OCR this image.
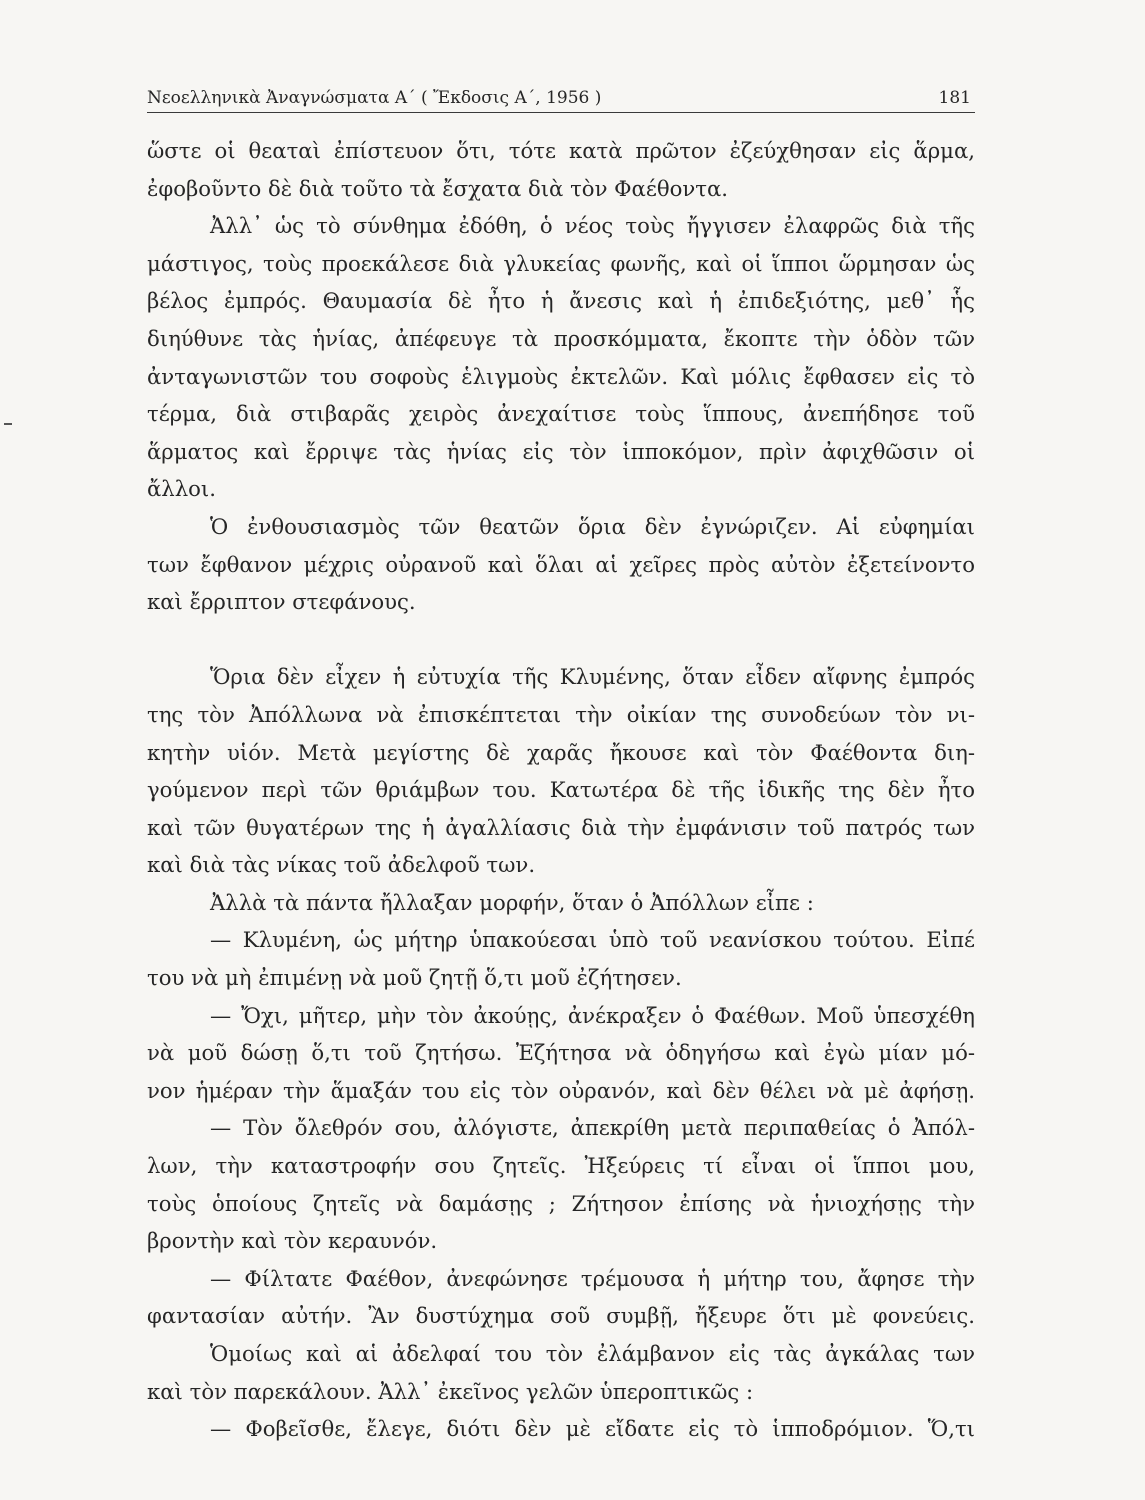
Νεοελληνικὰ Ἀναγνώσματα Α΄ ( Ἔκδοσις Α΄, 1956 )	181
ὥστε οἱ θεαταὶ ἐπίστευον ὅτι, τότε κατὰ πρῶτον ἐζεύχθησαν εἰς ἅρμα,
ἐφοβοῦντο δὲ διὰ τοῦτο τὰ ἔσχατα διὰ τὸν Φαέθοντα.
Ἀλλ᾽ ὡς τὸ σύνθημα ἐδόθη, ὁ νέος τοὺς ἤγγισεν ἐλαφρῶς διὰ τῆς
μάστιγος, τοὺς προεκάλεσε διὰ γλυκείας φωνῆς, καὶ οἱ ἵπποι ὥρμησαν ὡς
βέλος ἐμπρός. Θαυμασία δὲ ἦτο ἡ ἄνεσις καὶ ἡ ἐπιδεξιότης, μεθ᾽ ἧς
διηύθυνε τὰς ἡνίας, ἀπέφευγε τὰ προσκόμματα, ἔκοπτε τὴν ὁδὸν τῶν
ἀνταγωνιστῶν του σοφοὺς ἑλιγμοὺς ἐκτελῶν. Καὶ μόλις ἔφθασεν εἰς τὸ
τέρμα, διὰ στιβαρᾶς χειρὸς ἀνεχαίτισε τοὺς ἵππους, ἀνεπήδησε τοῦ
ἅρματος καὶ ἔρριψε τὰς ἡνίας εἰς τὸν ἱπποκόμον, πρὶν ἀφιχθῶσιν οἱ
ἄλλοι.
Ὁ ἐνθουσιασμὸς τῶν θεατῶν ὅρια δὲν ἐγνώριζεν. Αἱ εὐφημίαι
των ἔφθανον μέχρις οὐρανοῦ καὶ ὅλαι αἱ χεῖρες πρὸς αὐτὸν ἐξετείνοντο
καὶ ἔρριπτον στεφάνους.
Ὅρια δὲν εἶχεν ἡ εὐτυχία τῆς Κλυμένης, ὅταν εἶδεν αἴφνης ἐμπρός
της τὸν Ἀπόλλωνα νὰ ἐπισκέπτεται τὴν οἰκίαν της συνοδεύων τὸν νι-
κητὴν υἱόν. Μετὰ μεγίστης δὲ χαρᾶς ἤκουσε καὶ τὸν Φαέθοντα διη-
γούμενον περὶ τῶν θριάμβων του. Κατωτέρα δὲ τῆς ἰδικῆς της δὲν ἦτο
καὶ τῶν θυγατέρων της ἡ ἀγαλλίασις διὰ τὴν ἐμφάνισιν τοῦ πατρός των
καὶ διὰ τὰς νίκας τοῦ ἀδελφοῦ των.
Ἀλλὰ τὰ πάντα ἤλλαξαν μορφήν, ὅταν ὁ Ἀπόλλων εἶπε :
— Κλυμένη, ὡς μήτηρ ὑπακούεσαι ὑπὸ τοῦ νεανίσκου τούτου. Εἰπέ
του νὰ μὴ ἐπιμένῃ νὰ μοῦ ζητῇ ὅ,τι μοῦ ἐζήτησεν.
— Ὄχι, μῆτερ, μὴν τὸν ἀκούῃς, ἀνέκραξεν ὁ Φαέθων. Μοῦ ὑπεσχέθη
νὰ μοῦ δώσῃ ὅ,τι τοῦ ζητήσω. Ἐζήτησα νὰ ὁδηγήσω καὶ ἐγὼ μίαν μό-
νον ἡμέραν τὴν ἅμαξάν του εἰς τὸν οὐρανόν, καὶ δὲν θέλει νὰ μὲ ἀφήσῃ.
— Τὸν ὄλεθρόν σου, ἀλόγιστε, ἀπεκρίθη μετὰ περιπαθείας ὁ Ἀπόλ-
λων, τὴν καταστροφήν σου ζητεῖς. Ἠξεύρεις τί εἶναι οἱ ἵπποι μου,
τοὺς ὁποίους ζητεῖς νὰ δαμάσῃς ; Ζήτησον ἐπίσης νὰ ἡνιοχήσῃς τὴν
βροντὴν καὶ τὸν κεραυνόν.
— Φίλτατε Φαέθον, ἀνεφώνησε τρέμουσα ἡ μήτηρ του, ἄφησε τὴν
φαντασίαν αὐτήν. Ἂν δυστύχημα σοῦ συμβῇ, ἤξευρε ὅτι μὲ φονεύεις.
Ὁμοίως καὶ αἱ ἀδελφαί του τὸν ἐλάμβανον εἰς τὰς ἀγκάλας των
καὶ τὸν παρεκάλουν. Ἀλλ᾽ ἐκεῖνος γελῶν ὑπεροπτικῶς :
— Φοβεῖσθε, ἔλεγε, διότι δὲν μὲ εἴδατε εἰς τὸ ἱπποδρόμιον. Ὅ,τι
